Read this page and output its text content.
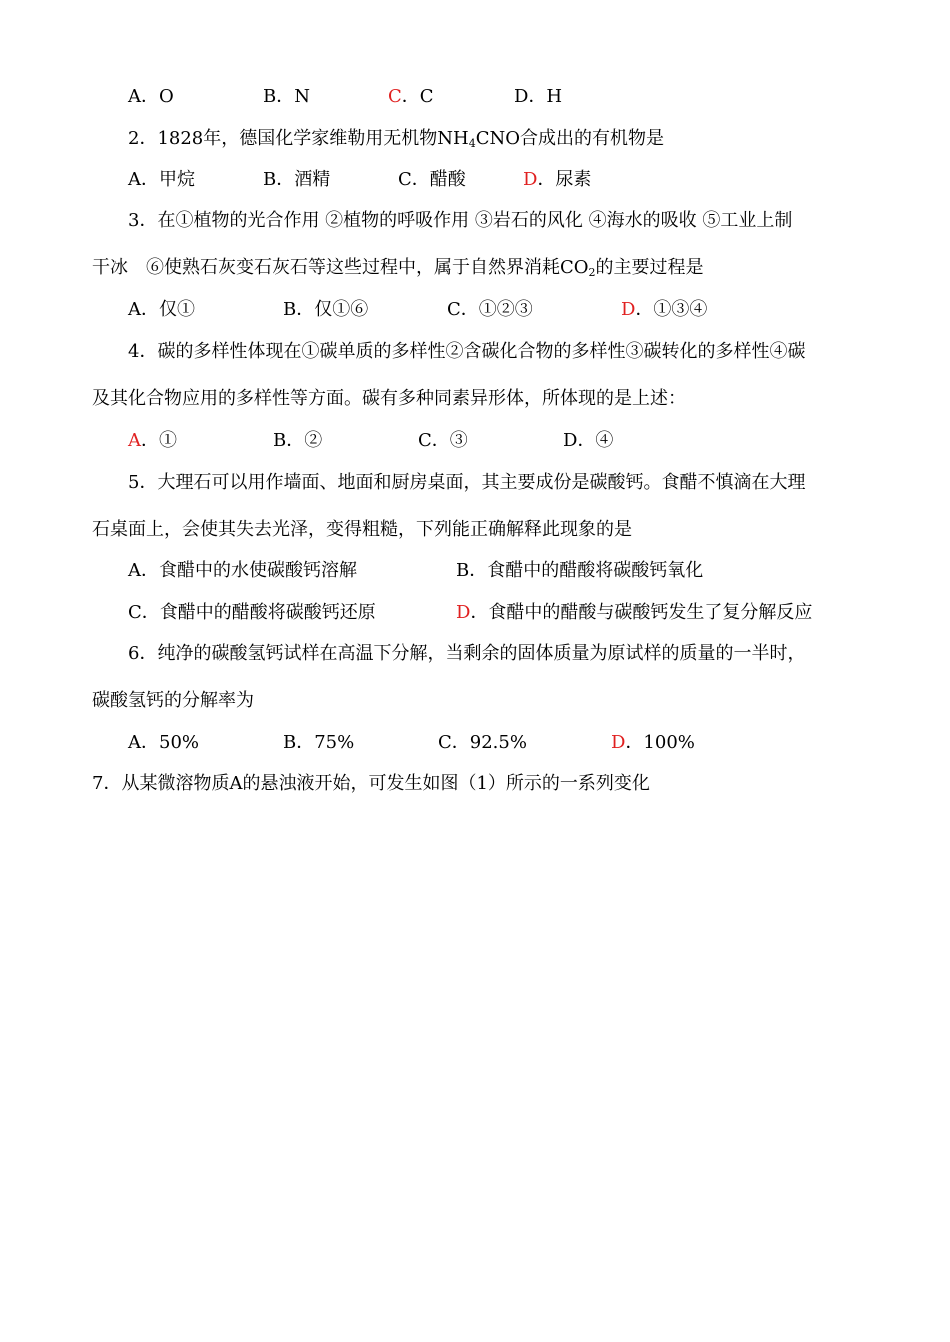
A．O	B．N	C．C	D．H
2．1828年，德国化学家维勒用无机物$NH_4CNO$合成出的有机物是
A．甲烷	B．酒精	C．醋酸	D．尿素
3．在①植物的光合作用 ②植物的呼吸作用 ③岩石的风化 ④海水的吸收 ⑤工业上制
干冰　⑥使熟石灰变石灰石等这些过程中，属于自然界消耗$CO_2$的主要过程是
A．仅①	B．仅①⑥	C．①②③	D．①③④
4．碳的多样性体现在①碳单质的多样性②含碳化合物的多样性③碳转化的多样性④碳
及其化合物应用的多样性等方面。碳有多种同素异形体，所体现的是上述：
A．①	B．②	C．③	D．④
5．大理石可以用作墙面、地面和厨房桌面，其主要成份是碳酸钙。食醋不慎滴在大理
石桌面上，会使其失去光泽，变得粗糙，下列能正确解释此现象的是
A．食醋中的水使碳酸钙溶解	B．食醋中的醋酸将碳酸钙氧化
C．食醋中的醋酸将碳酸钙还原	D．食醋中的醋酸与碳酸钙发生了复分解反应
6．纯净的碳酸氢钙试样在高温下分解，当剩余的固体质量为原试样的质量的一半时，
碳酸氢钙的分解率为
A．50%	B．75%	C．92.5%	D．100%
7．从某微溶物质A的悬浊液开始，可发生如图（1）所示的一系列变化
